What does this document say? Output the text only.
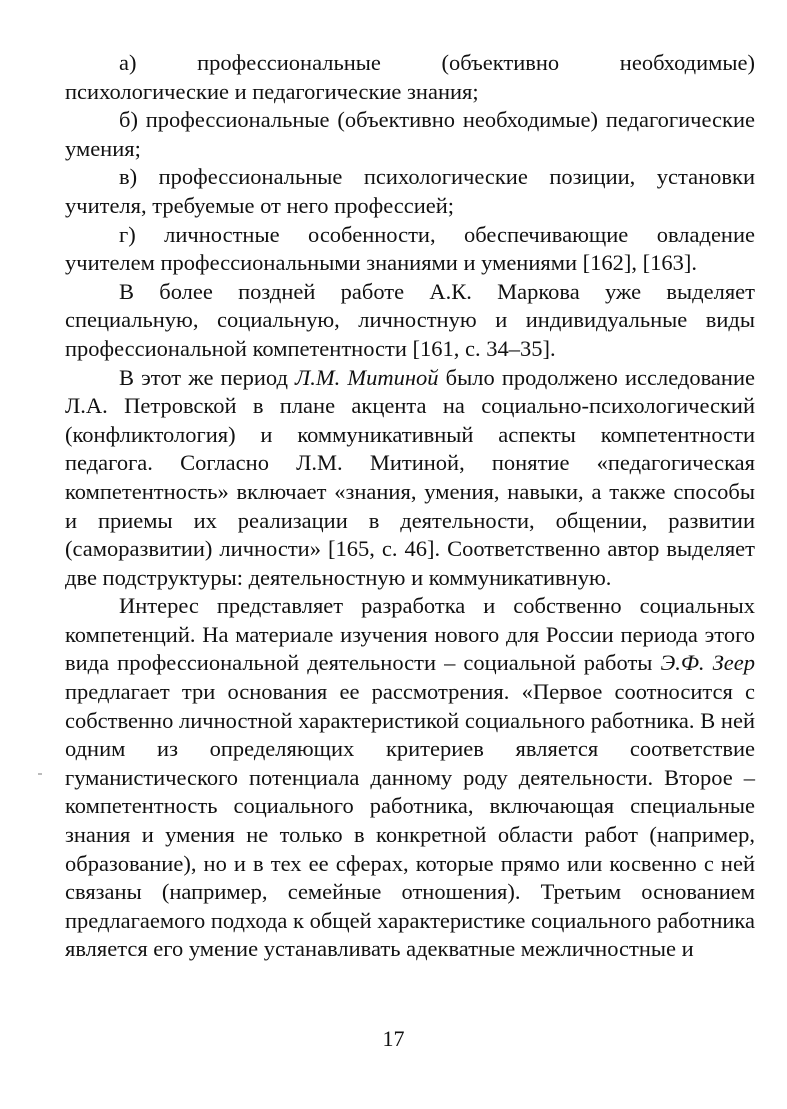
а) профессиональные (объективно необходимые) психологические и педагогические знания;

б) профессиональные (объективно необходимые) педагогические умения;

в) профессиональные психологические позиции, установки учителя, требуемые от него профессией;

г) личностные особенности, обеспечивающие овладение учителем профессиональными знаниями и умениями [162], [163].

В более поздней работе А.К. Маркова уже выделяет специальную, социальную, личностную и индивидуальные виды профессиональной компетентности [161, с. 34–35].

В этот же период Л.М. Митиной было продолжено исследование Л.А. Петровской в плане акцента на социально-психологический (конфликтология) и коммуникативный аспекты компетентности педагога. Согласно Л.М. Митиной, понятие «педагогическая компетентность» включает «знания, умения, навыки, а также способы и приемы их реализации в деятельности, общении, развитии (саморазвитии) личности» [165, с. 46]. Соответственно автор выделяет две подструктуры: деятельностную и коммуникативную.

Интерес представляет разработка и собственно социальных компетенций. На материале изучения нового для России периода этого вида профессиональной деятельности – социальной работы Э.Ф. Зеер предлагает три основания ее рассмотрения. «Первое соотносится с собственно личностной характеристикой социального работника. В ней одним из определяющих критериев является соответствие гуманистического потенциала данному роду деятельности. Второе – компетентность социального работника, включающая специальные знания и умения не только в конкретной области работ (например, образование), но и в тех ее сферах, которые прямо или косвенно с ней связаны (например, семейные отношения). Третьим основанием предлагаемого подхода к общей характеристике социального работника является его умение устанавливать адекватные межличностные и

17
